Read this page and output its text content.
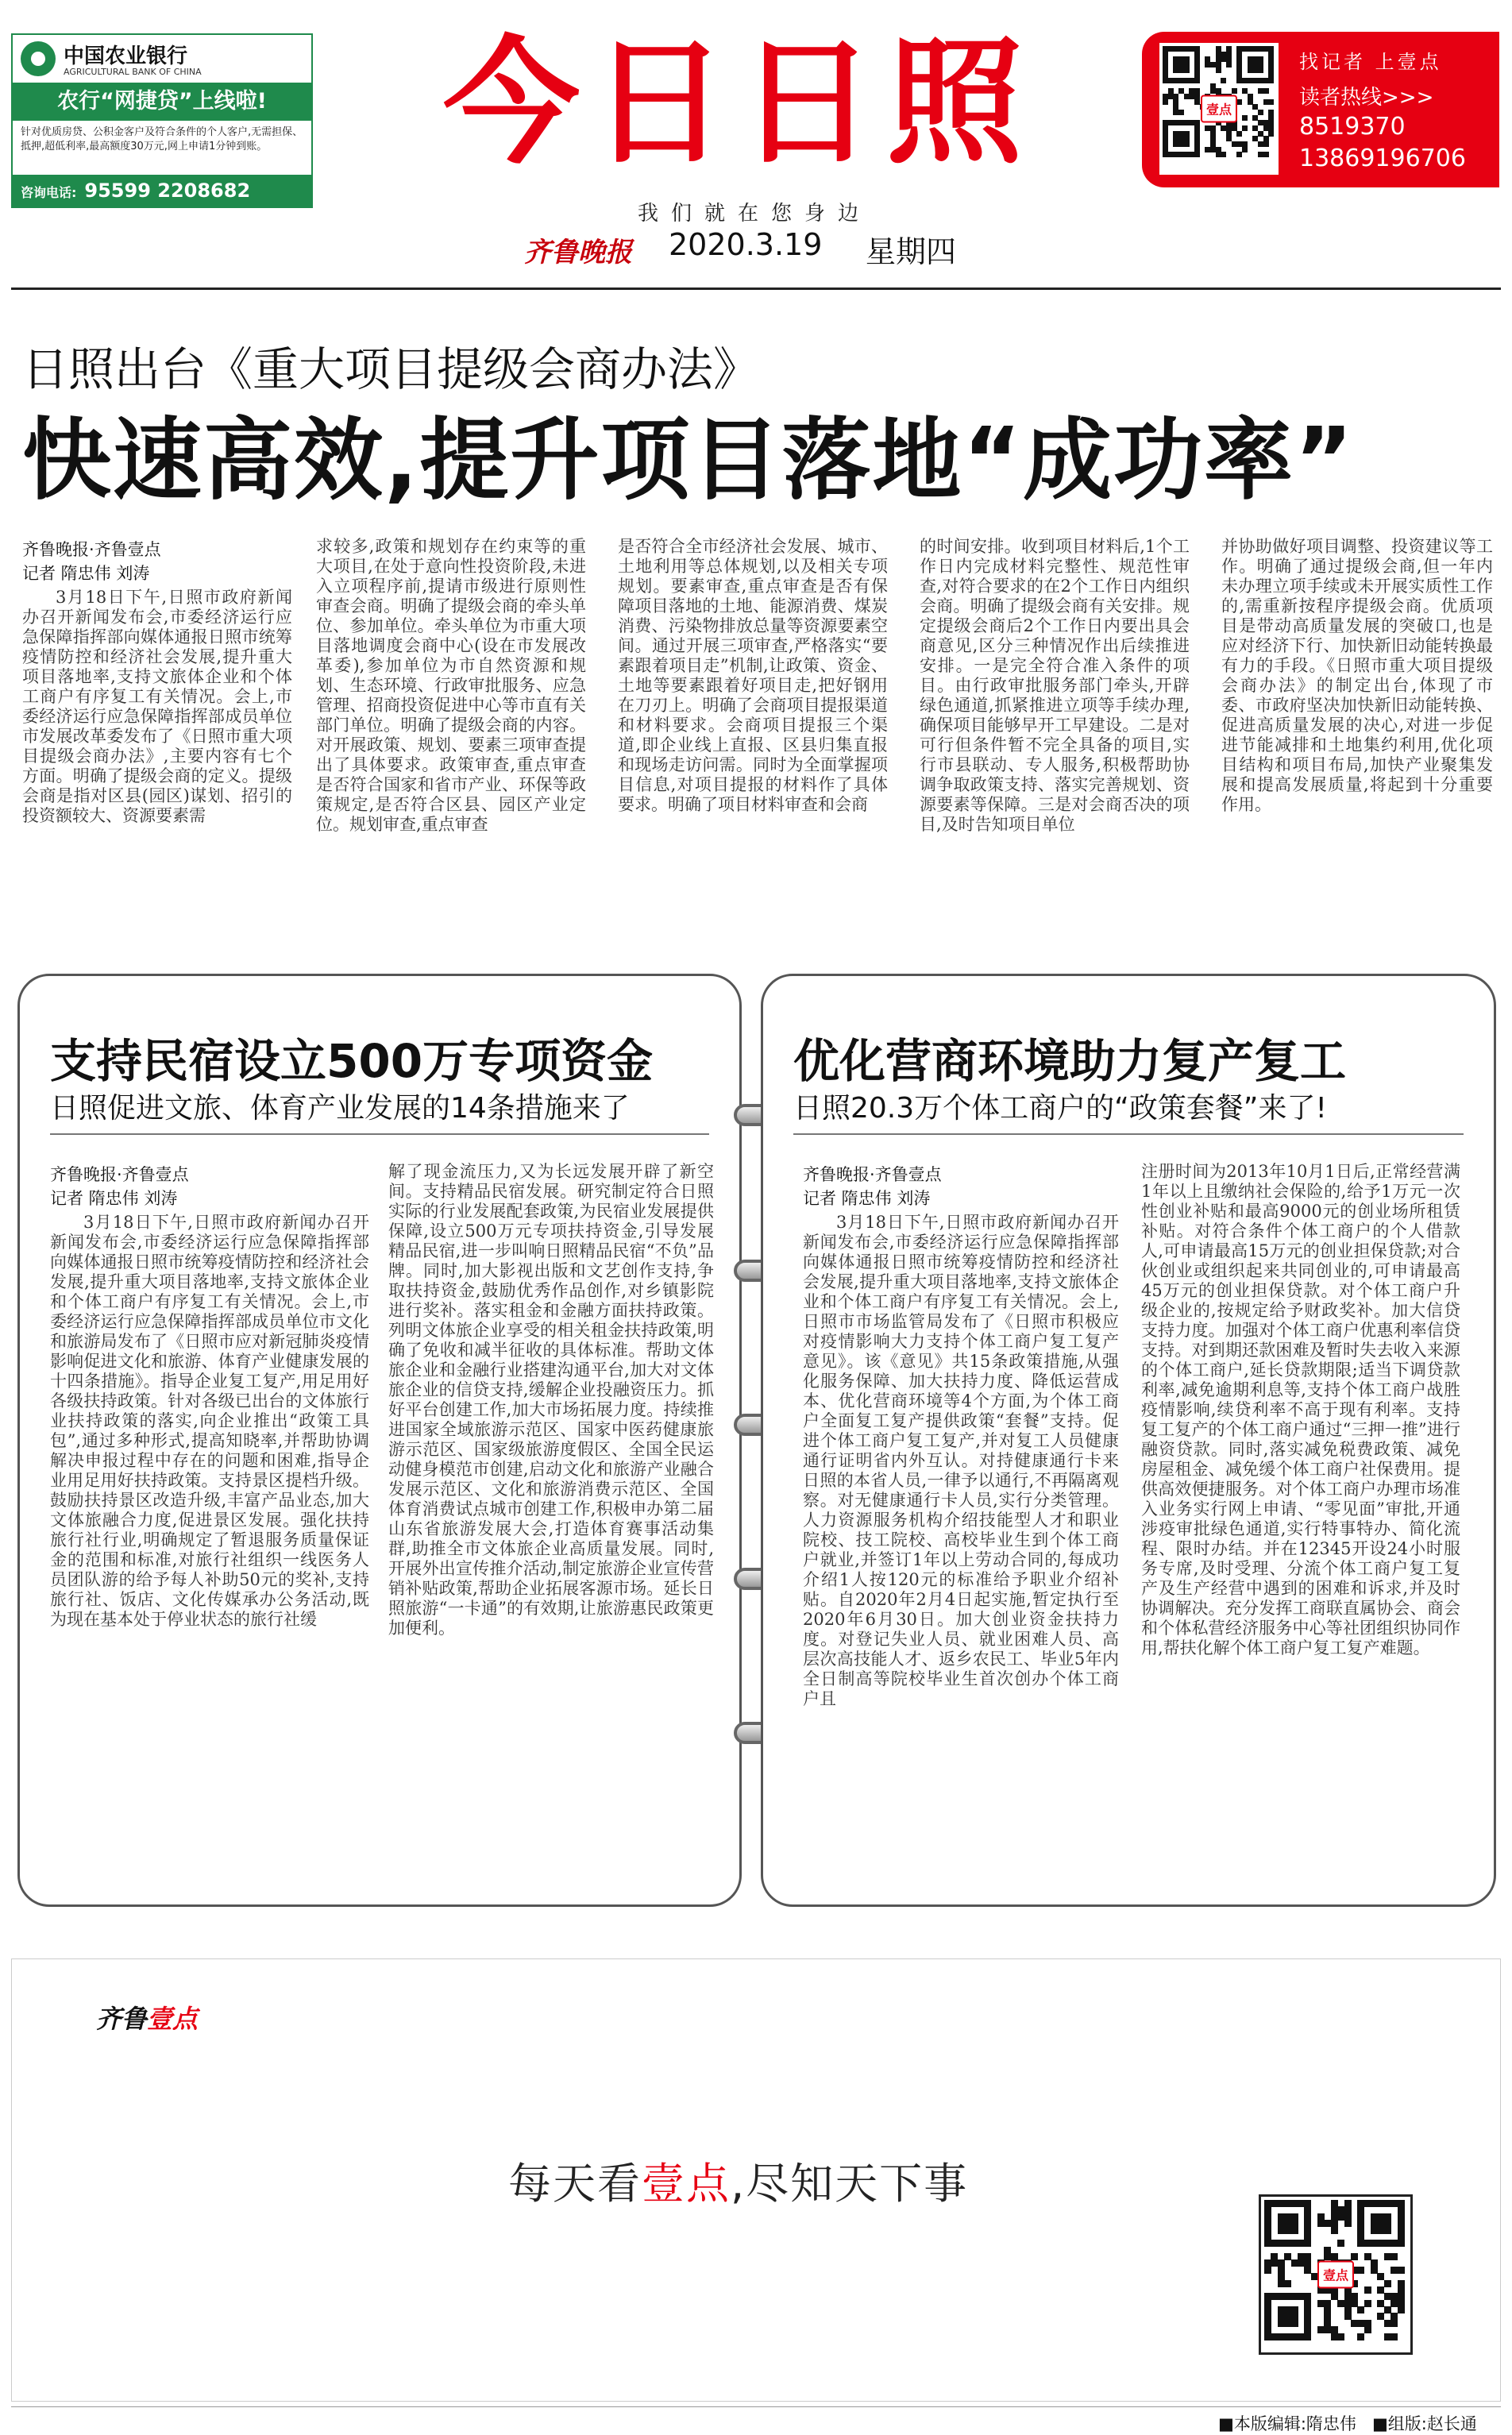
中国农业银行
AGRICULTURAL BANK OF CHINA
农行“网捷贷”上线啦!
针对优质房贷、公积金客户及符合条件的个人客户,无需担保、抵押,超低利率,最高额度30万元,网上申请1分钟到账。
咨询电话: 95599 2208682
今日日照
我们就在您身边
齐鲁晚报 2020.3.19 星期四
壹点
找记者 上壹点
读者热线>>>
8519370
13869196706
日照出台《重大项目提级会商办法》
快速高效,提升项目落地“成功率”
齐鲁晚报·齐鲁壹点
记者 隋忠伟 刘涛

3月18日下午,日照市政府新闻办召开新闻发布会,市委经济运行应急保障指挥部向媒体通报日照市统筹疫情防控和经济社会发展,提升重大项目落地率,支持文旅体企业和个体工商户有序复工有关情况。会上,市委经济运行应急保障指挥部成员单位市发展改革委发布了《日照市重大项目提级会商办法》,主要内容有七个方面。明确了提级会商的定义。提级会商是指对区县(园区)谋划、招引的投资额较大、资源要素需

求较多,政策和规划存在约束等的重大项目,在处于意向性投资阶段,未进入立项程序前,提请市级进行原则性审查会商。明确了提级会商的牵头单位、参加单位。牵头单位为市重大项目落地调度会商中心(设在市发展改革委),参加单位为市自然资源和规划、生态环境、行政审批服务、应急管理、招商投资促进中心等市直有关部门单位。明确了提级会商的内容。对开展政策、规划、要素三项审查提出了具体要求。政策审查,重点审查是否符合国家和省市产业、环保等政策规定,是否符合区县、园区产业定位。规划审查,重点审查

是否符合全市经济社会发展、城市、土地利用等总体规划,以及相关专项规划。要素审查,重点审查是否有保障项目落地的土地、能源消费、煤炭消费、污染物排放总量等资源要素空间。通过开展三项审查,严格落实“要素跟着项目走”机制,让政策、资金、土地等要素跟着好项目走,把好钢用在刀刃上。明确了会商项目提报渠道和材料要求。会商项目提报三个渠道,即企业线上直报、区县归集直报和现场走访问需。同时为全面掌握项目信息,对项目提报的材料作了具体要求。明确了项目材料审查和会商

的时间安排。收到项目材料后,1个工作日内完成材料完整性、规范性审查,对符合要求的在2个工作日内组织会商。明确了提级会商有关安排。规定提级会商后2个工作日内要出具会商意见,区分三种情况作出后续推进安排。一是完全符合准入条件的项目。由行政审批服务部门牵头,开辟绿色通道,抓紧推进立项等手续办理,确保项目能够早开工早建设。二是对可行但条件暂不完全具备的项目,实行市县联动、专人服务,积极帮助协调争取政策支持、落实完善规划、资源要素等保障。三是对会商否决的项目,及时告知项目单位

并协助做好项目调整、投资建议等工作。明确了通过提级会商,但一年内未办理立项手续或未开展实质性工作的,需重新按程序提级会商。优质项目是带动高质量发展的突破口,也是应对经济下行、加快新旧动能转换最有力的手段。《日照市重大项目提级会商办法》的制定出台,体现了市委、市政府坚决加快新旧动能转换、促进高质量发展的决心,对进一步促进节能减排和土地集约利用,优化项目结构和项目布局,加快产业聚集发展和提高发展质量,将起到十分重要作用。

支持民宿设立500万专项资金
日照促进文旅、体育产业发展的14条措施来了
齐鲁晚报·齐鲁壹点
记者 隋忠伟 刘涛

3月18日下午,日照市政府新闻办召开新闻发布会,市委经济运行应急保障指挥部向媒体通报日照市统筹疫情防控和经济社会发展,提升重大项目落地率,支持文旅体企业和个体工商户有序复工有关情况。会上,市委经济运行应急保障指挥部成员单位市文化和旅游局发布了《日照市应对新冠肺炎疫情影响促进文化和旅游、体育产业健康发展的十四条措施》。指导企业复工复产,用足用好各级扶持政策。针对各级已出台的文体旅行业扶持政策的落实,向企业推出“政策工具包”,通过多种形式,提高知晓率,并帮助协调解决申报过程中存在的问题和困难,指导企业用足用好扶持政策。支持景区提档升级。鼓励扶持景区改造升级,丰富产品业态,加大文体旅融合力度,促进景区发展。强化扶持旅行社行业,明确规定了暂退服务质量保证金的范围和标准,对旅行社组织一线医务人员团队游的给予每人补助50元的奖补,支持旅行社、饭店、文化传媒承办公务活动,既为现在基本处于停业状态的旅行社缓

解了现金流压力,又为长远发展开辟了新空间。支持精品民宿发展。研究制定符合日照实际的行业发展配套政策,为民宿业发展提供保障,设立500万元专项扶持资金,引导发展精品民宿,进一步叫响日照精品民宿“不负”品牌。同时,加大影视出版和文艺创作支持,争取扶持资金,鼓励优秀作品创作,对乡镇影院进行奖补。落实租金和金融方面扶持政策。列明文体旅企业享受的相关租金扶持政策,明确了免收和减半征收的具体标准。帮助文体旅企业和金融行业搭建沟通平台,加大对文体旅企业的信贷支持,缓解企业投融资压力。抓好平台创建工作,加大市场拓展力度。持续推进国家全域旅游示范区、国家中医药健康旅游示范区、国家级旅游度假区、全国全民运动健身模范市创建,启动文化和旅游产业融合发展示范区、文化和旅游消费示范区、全国体育消费试点城市创建工作,积极申办第二届山东省旅游发展大会,打造体育赛事活动集群,助推全市文体旅企业高质量发展。同时,开展外出宣传推介活动,制定旅游企业宣传营销补贴政策,帮助企业拓展客源市场。延长日照旅游“一卡通”的有效期,让旅游惠民政策更加便利。

优化营商环境助力复产复工
日照20.3万个体工商户的“政策套餐”来了!
齐鲁晚报·齐鲁壹点
记者 隋忠伟 刘涛

3月18日下午,日照市政府新闻办召开新闻发布会,市委经济运行应急保障指挥部向媒体通报日照市统筹疫情防控和经济社会发展,提升重大项目落地率,支持文旅体企业和个体工商户有序复工有关情况。会上,日照市市场监管局发布了《日照市积极应对疫情影响大力支持个体工商户复工复产意见》。该《意见》共15条政策措施,从强化服务保障、加大扶持力度、降低运营成本、优化营商环境等4个方面,为个体工商户全面复工复产提供政策“套餐”支持。促进个体工商户复工复产,并对复工人员健康通行证明省内外互认。对持健康通行卡来日照的本省人员,一律予以通行,不再隔离观察。对无健康通行卡人员,实行分类管理。人力资源服务机构介绍技能型人才和职业院校、技工院校、高校毕业生到个体工商户就业,并签订1年以上劳动合同的,每成功介绍1人按120元的标准给予职业介绍补贴。自2020年2月4日起实施,暂定执行至2020年6月30日。加大创业资金扶持力度。对登记失业人员、就业困难人员、高层次高技能人才、返乡农民工、毕业5年内全日制高等院校毕业生首次创办个体工商户且

注册时间为2013年10月1日后,正常经营满1年以上且缴纳社会保险的,给予1万元一次性创业补贴和最高9000元的创业场所租赁补贴。对符合条件个体工商户的个人借款人,可申请最高15万元的创业担保贷款;对合伙创业或组织起来共同创业的,可申请最高45万元的创业担保贷款。对个体工商户升级企业的,按规定给予财政奖补。加大信贷支持力度。加强对个体工商户优惠利率信贷支持。对到期还款困难及暂时失去收入来源的个体工商户,延长贷款期限;适当下调贷款利率,减免逾期利息等,支持个体工商户战胜疫情影响,续贷利率不高于现有利率。支持复工复产的个体工商户通过“三押一推”进行融资贷款。同时,落实减免税费政策、减免房屋租金、减免缓个体工商户社保费用。提供高效便捷服务。对个体工商户办理市场准入业务实行网上申请、“零见面”审批,开通涉疫审批绿色通道,实行特事特办、简化流程、限时办结。并在12345开设24小时服务专席,及时受理、分流个体工商户复工复产及生产经营中遇到的困难和诉求,并及时协调解决。充分发挥工商联直属协会、商会和个体私营经济服务中心等社团组织协同作用,帮扶化解个体工商户复工复产难题。

齐鲁壹点
每天看壹点,尽知天下事
壹点
■本版编辑:隋忠伟 ■组版:赵长通
